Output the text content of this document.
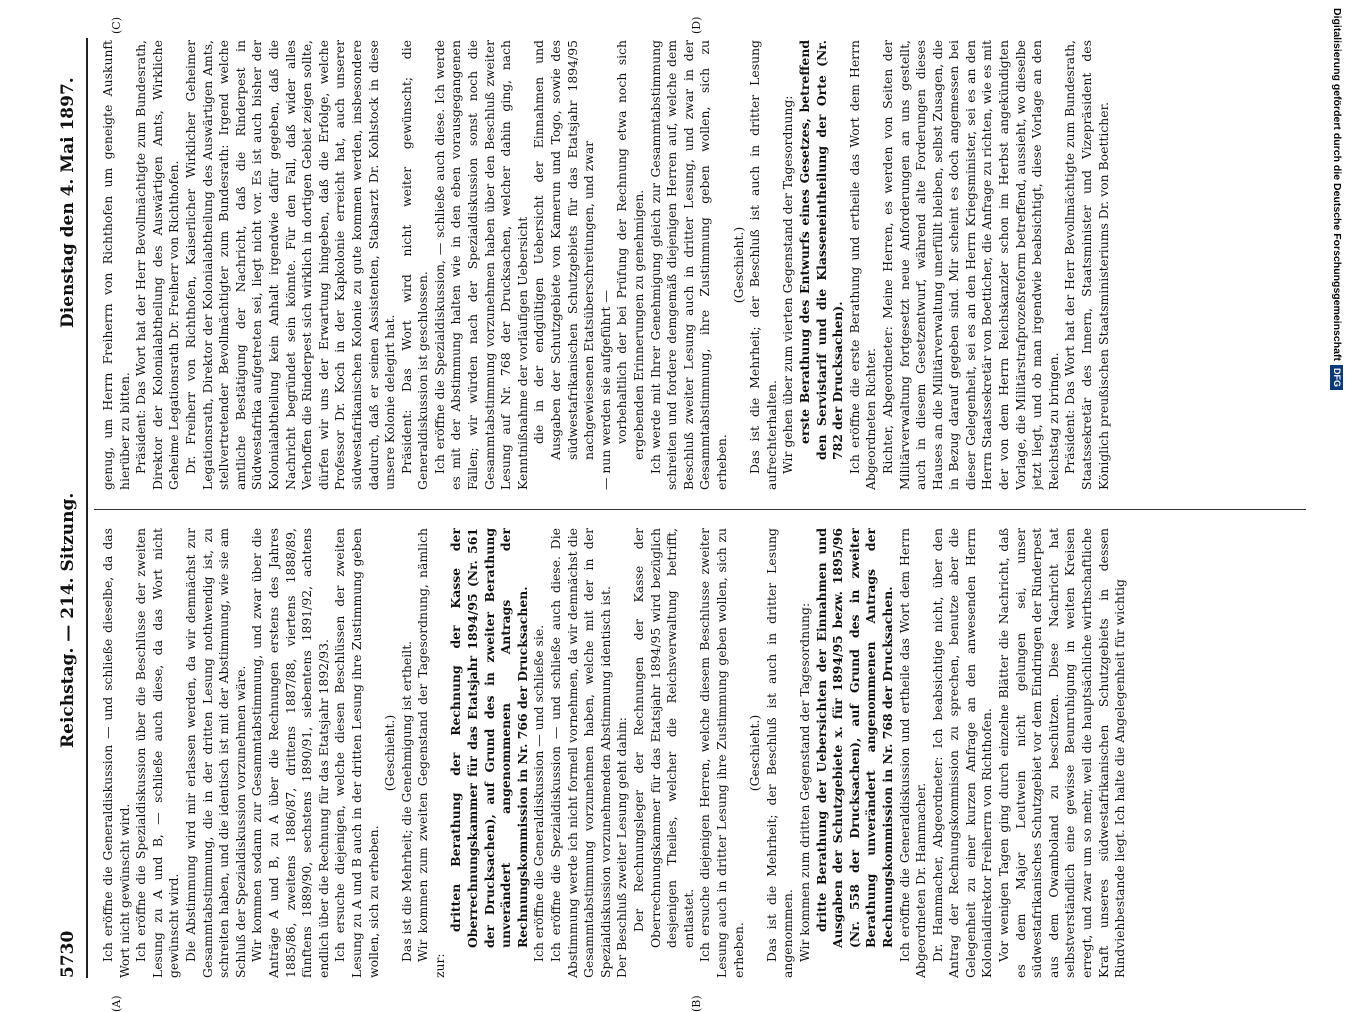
5730
Reichstag. — 214. Sitzung.
Dienstag den 4. Mai 1897.
(A)	(B)
(C)	(D)

Ich eröffne die Generaldiskussion — und schließe dieselbe, da das Wort nicht gewünscht wird. Ich eröffne die Spezialdiskussion über die Beschlüsse der zweiten Lesung zu A und B, — schließe auch diese, da das Wort nicht gewünscht wird. Die Abstimmung wird mir erlassen werden, da wir demnächst zur Gesammtabstimmung, die in der dritten Lesung nothwendig ist, zu schreiten haben, und die identisch ist mit der Abstimmung, wie sie am Schluß der Spezialdiskussion vorzunehmen wäre. Wir kommen sodann zur Gesammtabstimmung, und zwar über die Anträge A und B, zu A über die Rechnungen erstens des Jahres 1885/86, zweitens 1886/87, drittens 1887/88, viertens 1888/89, fünftens 1889/90, sechstens 1890/91, siebentens 1891/92, achtens endlich über die Rechnung für das Etatsjahr 1892/93. Ich ersuche diejenigen, welche diesen Beschlüssen der zweiten Lesung zu A und B auch in der dritten Lesung ihre Zustimmung geben wollen, sich zu erheben.

(Geschieht.) Das ist die Mehrheit; die Genehmigung ist ertheilt. Wir kommen zum zweiten Gegenstand der Tagesordnung, nämlich zur:

dritten Berathung der Rechnung der Kasse der Oberrechnungskammer für das Etatsjahr 1894/95 (Nr. 561 der Drucksachen), auf Grund des in zweiter Berathung unverändert angenommenen Antrags der Rechnungskommission in Nr. 766 der Drucksachen. Ich eröffne die Generaldiskussion — und schließe sie. Ich eröffne die Spezialdiskussion — und schließe auch diese. Die Abstimmung werde ich nicht formell vornehmen, da wir demnächst die Gesammtabstimmung vorzunehmen haben, welche mit der in der Spezialdiskussion vorzunehmenden Abstimmung identisch ist. Der Beschluß zweiter Lesung geht dahin: Der Rechnungsleger der Rechnungen der Kasse der Oberrechnungskammer für das Etatsjahr 1894/95 wird bezüglich desjenigen Theiles, welcher die Reichsverwaltung betrifft, entlastet. Ich ersuche diejenigen Herren, welche diesem Beschlusse zweiter Lesung auch in dritter Lesung ihre Zustimmung geben wollen, sich zu erheben.

(Geschieht.) Das ist die Mehrheit; der Beschluß ist auch in dritter Lesung angenommen. Wir kommen zum dritten Gegenstand der Tagesordnung: dritte Berathung der Uebersichten der Einnahmen und Ausgaben der Schutzgebiete x. für 1894/95 bezw. 1895/96 (Nr. 558 der Drucksachen), auf Grund des in zweiter Berathung unverändert angenommenen Antrags der Rechnungskommission in Nr. 768 der Drucksachen. Ich eröffne die Generaldiskussion und ertheile das Wort dem Herrn Abgeordneten Dr. Hammacher. Dr. Hammacher, Abgeordneter: Ich beabsichtige nicht, über den Antrag der Rechnungskommission zu sprechen, benutze aber die Gelegenheit zu einer kurzen Anfrage an den anwesenden Herrn Kolonialdirektor Freiherrn von Richthofen. Vor wenigen Tagen ging durch einzelne Blätter die Nachricht, daß es dem Major Leutwein nicht gelungen sei, unser südwestafrikanisches Schutzgebiet vor dem Eindringen der Rinderpest aus dem Owamboland zu beschützen. Diese Nachricht hat selbstverständlich eine gewisse Beunruhigung in weiten Kreisen erregt, und zwar um so mehr, weil die hauptsächliche wirthschaftliche Kraft unseres südwestafrikanischen Schutzgebiets in dessen Rindviehbestande liegt. Ich halte die Angelegenheit für wichtig

genug, um Herrn Freiherrn von Richthofen um geneigte Auskunft hierüber zu bitten. Präsident: Das Wort hat der Herr Bevollmächtigte zum Bundesrath, Direktor der Kolonialabtheilung des Auswärtigen Amts, Wirkliche Geheime Legationsrath Dr. Freiherr von Richthofen. Dr. Freiherr von Richthofen, Kaiserlicher Wirklicher Geheimer Legationsrath, Direktor der Kolonialabtheilung des Auswärtigen Amts, stellvertretender Bevollmächtigter zum Bundesrath: Irgend welche amtliche Bestätigung der Nachricht, daß die Rinderpest in Südwestafrika aufgetreten sei, liegt nicht vor. Es ist auch bisher der Kolonialabtheilung kein Anhalt irgendwie dafür gegeben, daß die Nachricht begründet sein könnte. Für den Fall, daß wider alles Verhoffen die Rinderpest sich wirklich in dortigen Gebiet zeigen sollte, dürfen wir uns der Erwartung hingeben, daß die Erfolge, welche Professor Dr. Koch in der Kapkolonie erreicht hat, auch unserer südwestafrikanischen Kolonie zu gute kommen werden, insbesondere dadurch, daß er seinen Assistenten, Stabsarzt Dr. Kohlstock in diese unsere Kolonie delegirt hat. Präsident: Das Wort wird nicht weiter gewünscht; die Generaldiskussion ist geschlossen. Ich eröffne die Spezialdiskussion, — schließe auch diese. Ich werde es mit der Abstimmung halten wie in den eben vorausgegangenen Fällen; wir würden nach der Spezialdiskussion sonst noch die Gesammtabstimmung vorzunehmen haben über den Beschluß zweiter Lesung auf Nr. 768 der Drucksachen, welcher dahin ging, nach Kenntnißnahme der vorläufigen Uebersicht die in der endgültigen Uebersicht der Einnahmen und Ausgaben der Schutzgebiete von Kamerun und Togo, sowie des südwestafrikanischen Schutzgebiets für das Etatsjahr 1894/95 nachgewiesenen Etatsüberschreitungen, und zwar — nun werden sie aufgeführt — vorbehaltlich der bei Prüfung der Rechnung etwa noch sich ergebenden Erinnerungen zu genehmigen. Ich werde mit Ihrer Genehmigung gleich zur Gesammtabstimmung schreiten und fordere demgemäß diejenigen Herren auf, welche dem Beschluß zweiter Lesung auch in dritter Lesung, und zwar in der Gesammtabstimmung, ihre Zustimmung geben wollen, sich zu erheben.

(Geschieht.) Das ist die Mehrheit; der Beschluß ist auch in dritter Lesung aufrechterhalten. Wir gehen über zum vierten Gegenstand der Tagesordnung: erste Berathung des Entwurfs eines Gesetzes, betreffend den Servistarif und die Klasseneintheilung der Orte (Nr. 782 der Drucksachen). Ich eröffne die erste Berathung und ertheile das Wort dem Herrn Abgeordneten Richter. Richter, Abgeordneter: Meine Herren, es werden von Seiten der Militärverwaltung fortgesetzt neue Anforderungen an uns gestellt, auch in diesem Gesetzentwurf, während alte Forderungen dieses Hauses an die Militärverwaltung unerfüllt bleiben, selbst Zusagen, die in Bezug darauf gegeben sind. Mir scheint es doch angemessen bei dieser Gelegenheit, sei es an den Herrn Kriegsminister, sei es an den Herrn Staatssekretär von Boetticher, die Anfrage zu richten, wie es mit der von dem Herrn Reichskanzler schon im Herbst angekündigten Vorlage, die Militärstrafprozeßreform betreffend, aussieht, wo dieselbe jetzt liegt, und ob man irgendwie beabsichtigt, diese Vorlage an den Reichstag zu bringen. Präsident: Das Wort hat der Herr Bevollmächtigte zum Bundesrath, Staatssekretär des Innern, Staatsminister und Vizepräsident des Königlich preußischen Staatsministeriums Dr. von Boetticher.	Digitalisierung gefördert durch die Deutsche ForschungsgemeinschaftDFG
